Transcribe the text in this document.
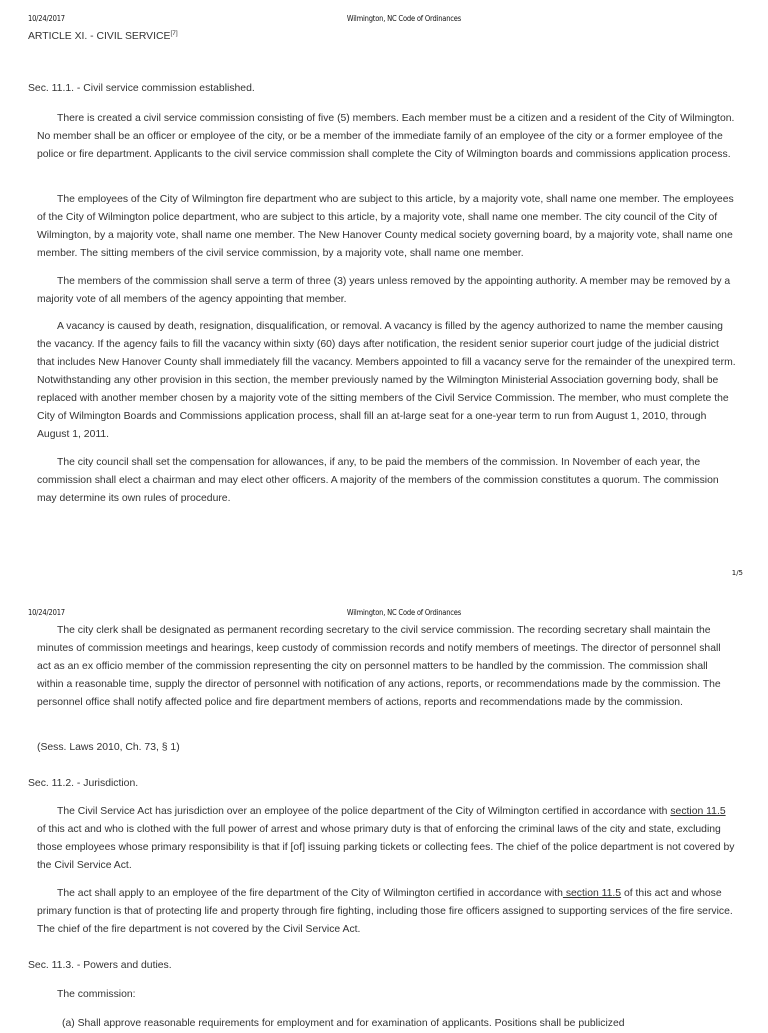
10/24/2017	Wilmington, NC Code of Ordinances
ARTICLE XI. - CIVIL SERVICE[7]
Sec. 11.1. - Civil service commission established.

There is created a civil service commission consisting of five (5) members. Each member must be a citizen and a resident of the City of Wilmington. No member shall be an officer or employee of the city, or be a member of the immediate family of an employee of the city or a former employee of the police or fire department. Applicants to the civil service commission shall complete the City of Wilmington boards and commissions application process.

The employees of the City of Wilmington fire department who are subject to this article, by a majority vote, shall name one member. The employees of the City of Wilmington police department, who are subject to this article, by a majority vote, shall name one member. The city council of the City of Wilmington, by a majority vote, shall name one member. The New Hanover County medical society governing board, by a majority vote, shall name one member. The sitting members of the civil service commission, by a majority vote, shall name one member.

The members of the commission shall serve a term of three (3) years unless removed by the appointing authority. A member may be removed by a majority vote of all members of the agency appointing that member.

A vacancy is caused by death, resignation, disqualification, or removal. A vacancy is filled by the agency authorized to name the member causing the vacancy. If the agency fails to fill the vacancy within sixty (60) days after notification, the resident senior superior court judge of the judicial district that includes New Hanover County shall immediately fill the vacancy. Members appointed to fill a vacancy serve for the remainder of the unexpired term. Notwithstanding any other provision in this section, the member previously named by the Wilmington Ministerial Association governing body, shall be replaced with another member chosen by a majority vote of the sitting members of the Civil Service Commission. The member, who must complete the City of Wilmington Boards and Commissions application process, shall fill an at-large seat for a one-year term to run from August 1, 2010, through August 1, 2011.

The city council shall set the compensation for allowances, if any, to be paid the members of the commission. In November of each year, the commission shall elect a chairman and may elect other officers. A majority of the members of the commission constitutes a quorum. The commission may determine its own rules of procedure.

1/5
10/24/2017	Wilmington, NC Code of Ordinances

The city clerk shall be designated as permanent recording secretary to the civil service commission. The recording secretary shall maintain the minutes of commission meetings and hearings, keep custody of commission records and notify members of meetings. The director of personnel shall act as an ex officio member of the commission representing the city on personnel matters to be handled by the commission. The commission shall within a reasonable time, supply the director of personnel with notification of any actions, reports, or recommendations made by the commission. The personnel office shall notify affected police and fire department members of actions, reports and recommendations made by the commission.

(Sess. Laws 2010, Ch. 73, § 1)

Sec. 11.2. - Jurisdiction.

The Civil Service Act has jurisdiction over an employee of the police department of the City of Wilmington certified in accordance with section 11.5 of this act and who is clothed with the full power of arrest and whose primary duty is that of enforcing the criminal laws of the city and state, excluding those employees whose primary responsibility is that if [of] issuing parking tickets or collecting fees. The chief of the police department is not covered by the Civil Service Act.

The act shall apply to an employee of the fire department of the City of Wilmington certified in accordance with section 11.5 of this act and whose primary function is that of protecting life and property through fire fighting, including those fire officers assigned to supporting services of the fire service. The chief of the fire department is not covered by the Civil Service Act.

Sec. 11.3. - Powers and duties.

The commission:

(a) Shall approve reasonable requirements for employment and for examination of applicants. Positions shall be publicized
